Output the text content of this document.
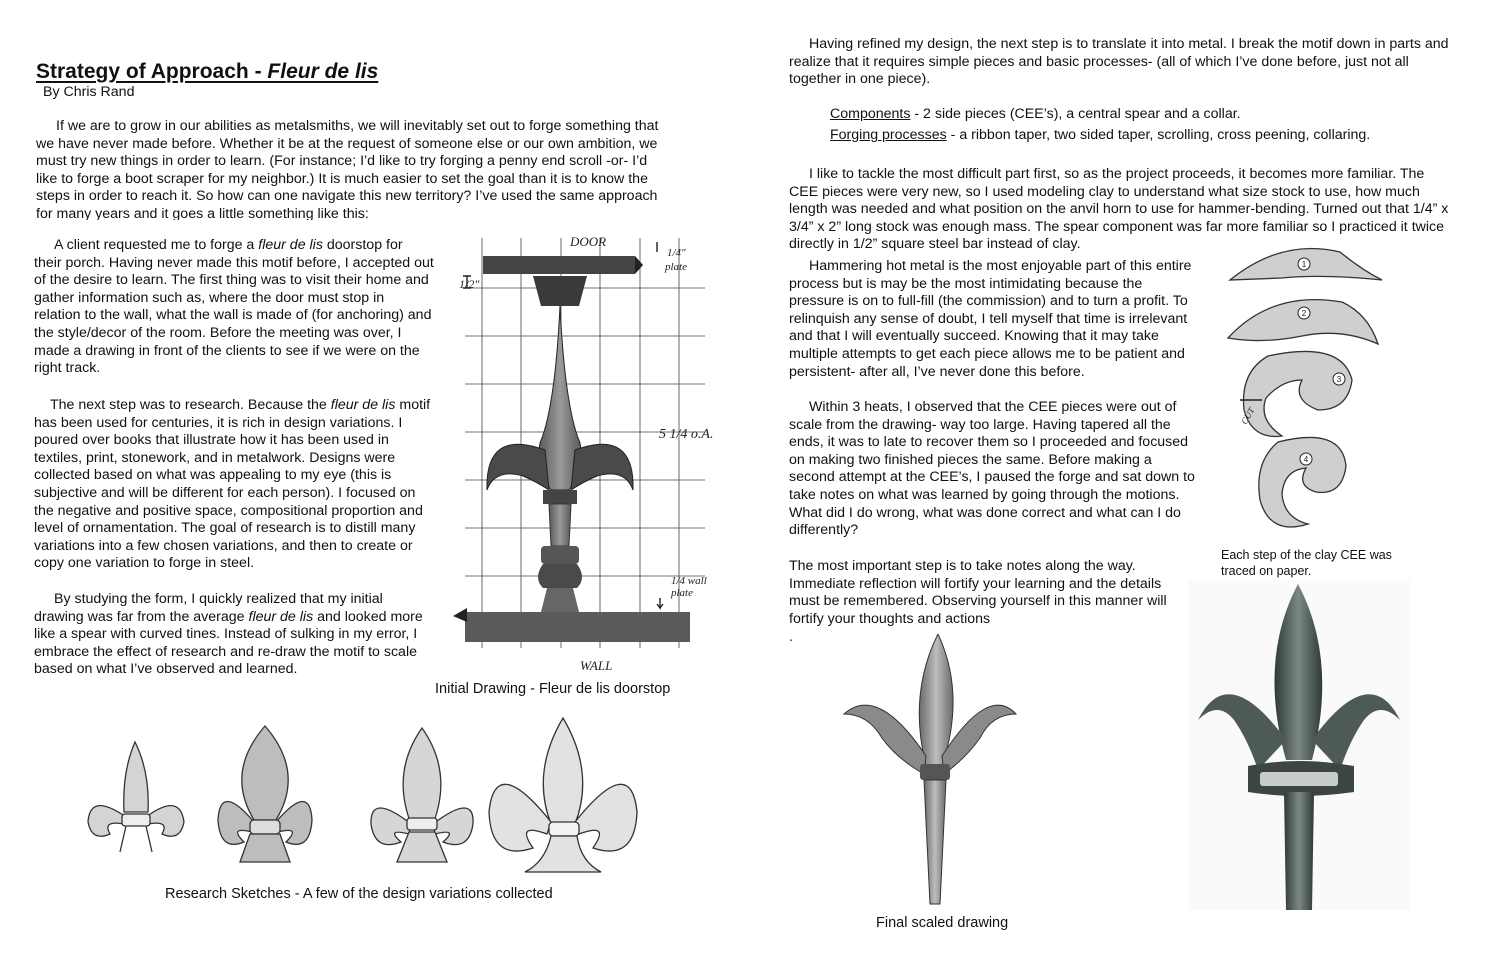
Strategy of Approach - Fleur de lis
By Chris Rand

If we are to grow in our abilities as metalsmiths, we will inevitably set out to forge something that we have never made before. Whether it be at the request of someone else or our own ambition, we must try new things in order to learn. (For instance; I’d like to try forging a penny end scroll -or- I’d like to forge a boot scraper for my neighbor.) It is much easier to set the goal than it is to know the steps in order to reach it. So how can one navigate this new territory? I’ve used the same approach for many years and it goes a little something like this:

A client requested me to forge a fleur de lis doorstop for their porch. Having never made this motif before, I accepted out of the desire to learn. The first thing was to visit their home and gather information such as, where the door must stop in relation to the wall, what the wall is made of (for anchoring) and the style/decor of the room. Before the meeting was over, I made a drawing in front of the clients to see if we were on the right track.

The next step was to research. Because the fleur de lis motif has been used for centuries, it is rich in design variations. I poured over books that illustrate how it has been used in textiles, print, stonework, and in metalwork. Designs were collected based on what was appealing to my eye (this is subjective and will be different for each person). I focused on the negative and positive space, compositional proportion and level of ornamentation. The goal of research is to distill many variations into a few chosen variations, and then to create or copy one variation to forge in steel.

By studying the form, I quickly realized that my initial drawing was far from the average fleur de lis and looked more like a spear with curved tines. Instead of sulking in my error, I embrace the effect of research and re-draw the motif to scale based on what I’ve observed and learned.

DOOR
1/4"
plate
1/2"
5 1/4 o.A.
1/4 wall
plate
WALL
Initial Drawing - Fleur de lis doorstop
Research Sketches - A few of the design variations collected

Having refined my design, the next step is to translate it into metal. I break the motif down in parts and realize that it requires simple pieces and basic processes- (all of which I’ve done before, just not all together in one piece).

Components - 2 side pieces (CEE’s), a central spear and a collar.
Forging processes - a ribbon taper, two sided taper, scrolling, cross peening, collaring.

I like to tackle the most difficult part first, so as the project proceeds, it becomes more familiar. The CEE pieces were very new, so I used modeling clay to understand what size stock to use, how much length was needed and what position on the anvil horn to use for hammer-bending. Turned out that 1/4” x 3/4” x 2” long stock was enough mass. The spear component was far more familiar so I practiced it twice directly in 1/2” square steel bar instead of clay.

Hammering hot metal is the most enjoyable part of this entire process but is may be the most intimidating because the pressure is on to full-fill (the commission) and to turn a profit. To relinquish any sense of doubt, I tell myself that time is irrelevant and that I will eventually succeed. Knowing that it may take multiple attempts to get each piece allows me to be patient and persistent- after all, I’ve never done this before.

Within 3 heats, I observed that the CEE pieces were out of scale from the drawing- way too large. Having tapered all the ends, it was to late to recover them so I proceeded and focused on making two finished pieces the same. Before making a second attempt at the CEE’s, I paused the forge and sat down to take notes on what was learned by going through the motions. What did I do wrong, what was done correct and what can I do differently?

The most important step is to take notes along the way. Immediate reflection will fortify your learning and the details must be remembered. Observing yourself in this manner will fortify your thoughts and actions

.
1
2
3
4
CUT
Each step of the clay CEE was traced on paper.
Final scaled drawing
